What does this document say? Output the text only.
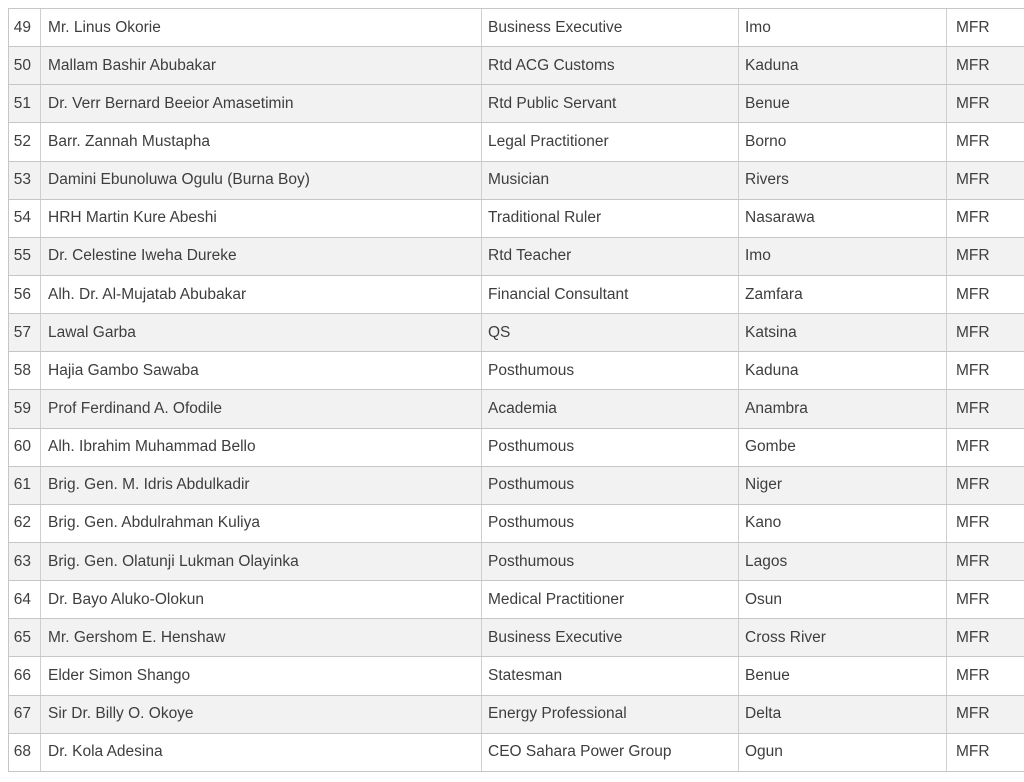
49	Mr. Linus Okorie	Business Executive	Imo	MFR
50	Mallam Bashir Abubakar	Rtd ACG Customs	Kaduna	MFR
51	Dr. Verr Bernard Beeior Amasetimin	Rtd Public Servant	Benue	MFR
52	Barr. Zannah Mustapha	Legal Practitioner	Borno	MFR
53	Damini Ebunoluwa Ogulu (Burna Boy)	Musician	Rivers	MFR
54	HRH Martin Kure Abeshi	Traditional Ruler	Nasarawa	MFR
55	Dr. Celestine Iweha Dureke	Rtd Teacher	Imo	MFR
56	Alh. Dr. Al-Mujatab Abubakar	Financial Consultant	Zamfara	MFR
57	Lawal Garba	QS	Katsina	MFR
58	Hajia Gambo Sawaba	Posthumous	Kaduna	MFR
59	Prof Ferdinand A. Ofodile	Academia	Anambra	MFR
60	Alh. Ibrahim Muhammad Bello	Posthumous	Gombe	MFR
61	Brig. Gen. M. Idris Abdulkadir	Posthumous	Niger	MFR
62	Brig. Gen. Abdulrahman Kuliya	Posthumous	Kano	MFR
63	Brig. Gen. Olatunji Lukman Olayinka	Posthumous	Lagos	MFR
64	Dr. Bayo Aluko-Olokun	Medical Practitioner	Osun	MFR
65	Mr. Gershom E. Henshaw	Business Executive	Cross River	MFR
66	Elder Simon Shango	Statesman	Benue	MFR
67	Sir Dr. Billy O. Okoye	Energy Professional	Delta	MFR
68	Dr. Kola Adesina	CEO Sahara Power Group	Ogun	MFR
